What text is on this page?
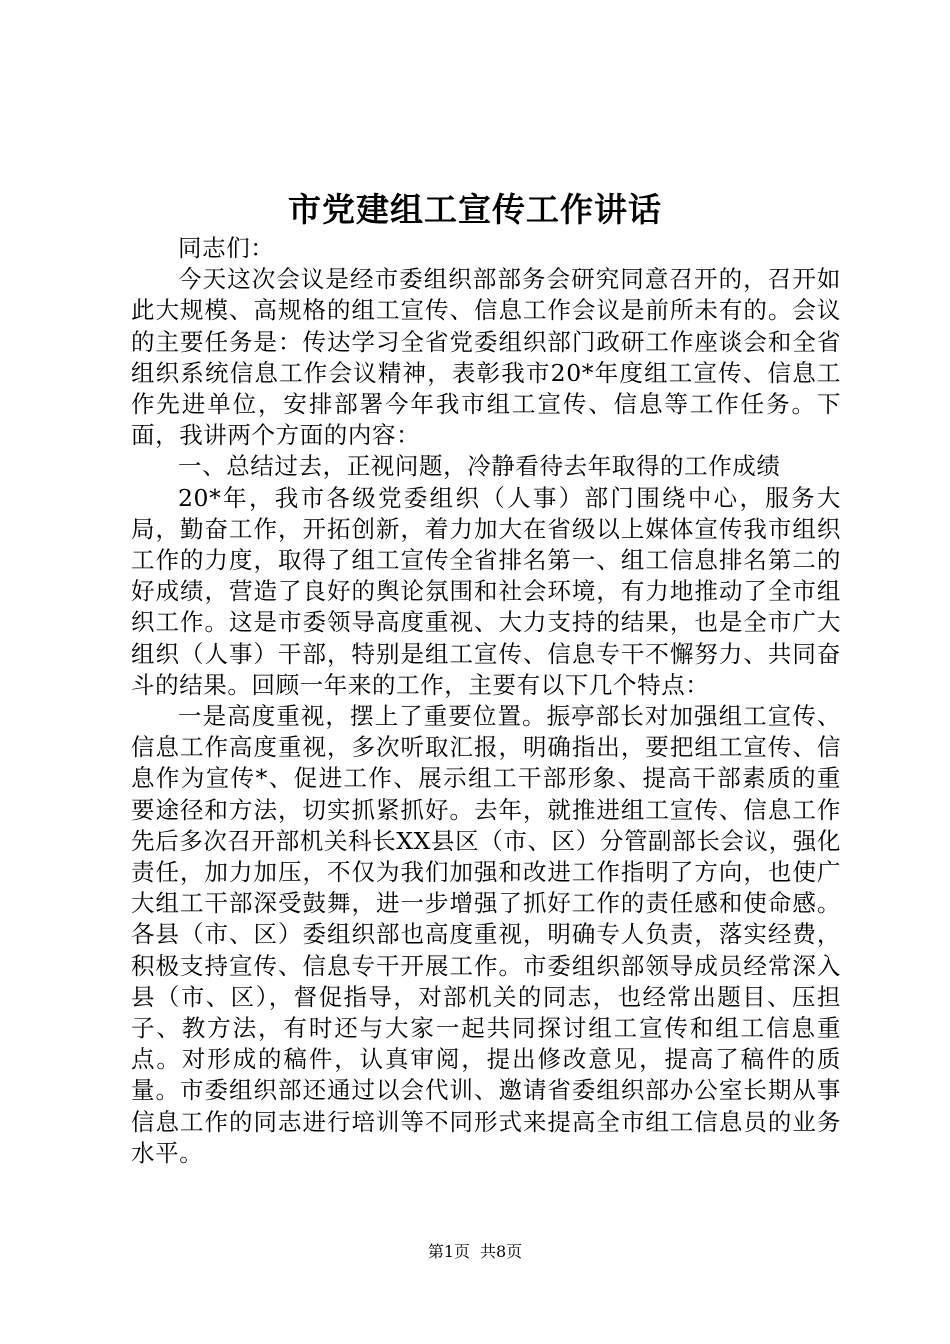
市党建组工宣传工作讲话

同志们：

今天这次会议是经市委组织部部务会研究同意召开的，召开如此大规模、高规格的组工宣传、信息工作会议是前所未有的。会议的主要任务是：传达学习全省党委组织部门政研工作座谈会和全省组织系统信息工作会议精神，表彰我市20*年度组工宣传、信息工作先进单位，安排部署今年我市组工宣传、信息等工作任务。下面，我讲两个方面的内容：

一、总结过去，正视问题，冷静看待去年取得的工作成绩

20*年，我市各级党委组织（人事）部门围绕中心，服务大局，勤奋工作，开拓创新，着力加大在省级以上媒体宣传我市组织工作的力度，取得了组工宣传全省排名第一、组工信息排名第二的好成绩，营造了良好的舆论氛围和社会环境，有力地推动了全市组织工作。这是市委领导高度重视、大力支持的结果，也是全市广大组织（人事）干部，特别是组工宣传、信息专干不懈努力、共同奋斗的结果。回顾一年来的工作，主要有以下几个特点：

一是高度重视，摆上了重要位置。振亭部长对加强组工宣传、信息工作高度重视，多次听取汇报，明确指出，要把组工宣传、信息作为宣传*、促进工作、展示组工干部形象、提高干部素质的重要途径和方法，切实抓紧抓好。去年，就推进组工宣传、信息工作先后多次召开部机关科长XX县区（市、区）分管副部长会议，强化责任，加力加压，不仅为我们加强和改进工作指明了方向，也使广大组工干部深受鼓舞，进一步增强了抓好工作的责任感和使命感。各县（市、区）委组织部也高度重视，明确专人负责，落实经费，积极支持宣传、信息专干开展工作。市委组织部领导成员经常深入县（市、区），督促指导，对部机关的同志，也经常出题目、压担子、教方法，有时还与大家一起共同探讨组工宣传和组工信息重点。对形成的稿件，认真审阅，提出修改意见，提高了稿件的质量。市委组织部还通过以会代训、邀请省委组织部办公室长期从事信息工作的同志进行培训等不同形式来提高全市组工信息员的业务水平。

第1页 共8页
